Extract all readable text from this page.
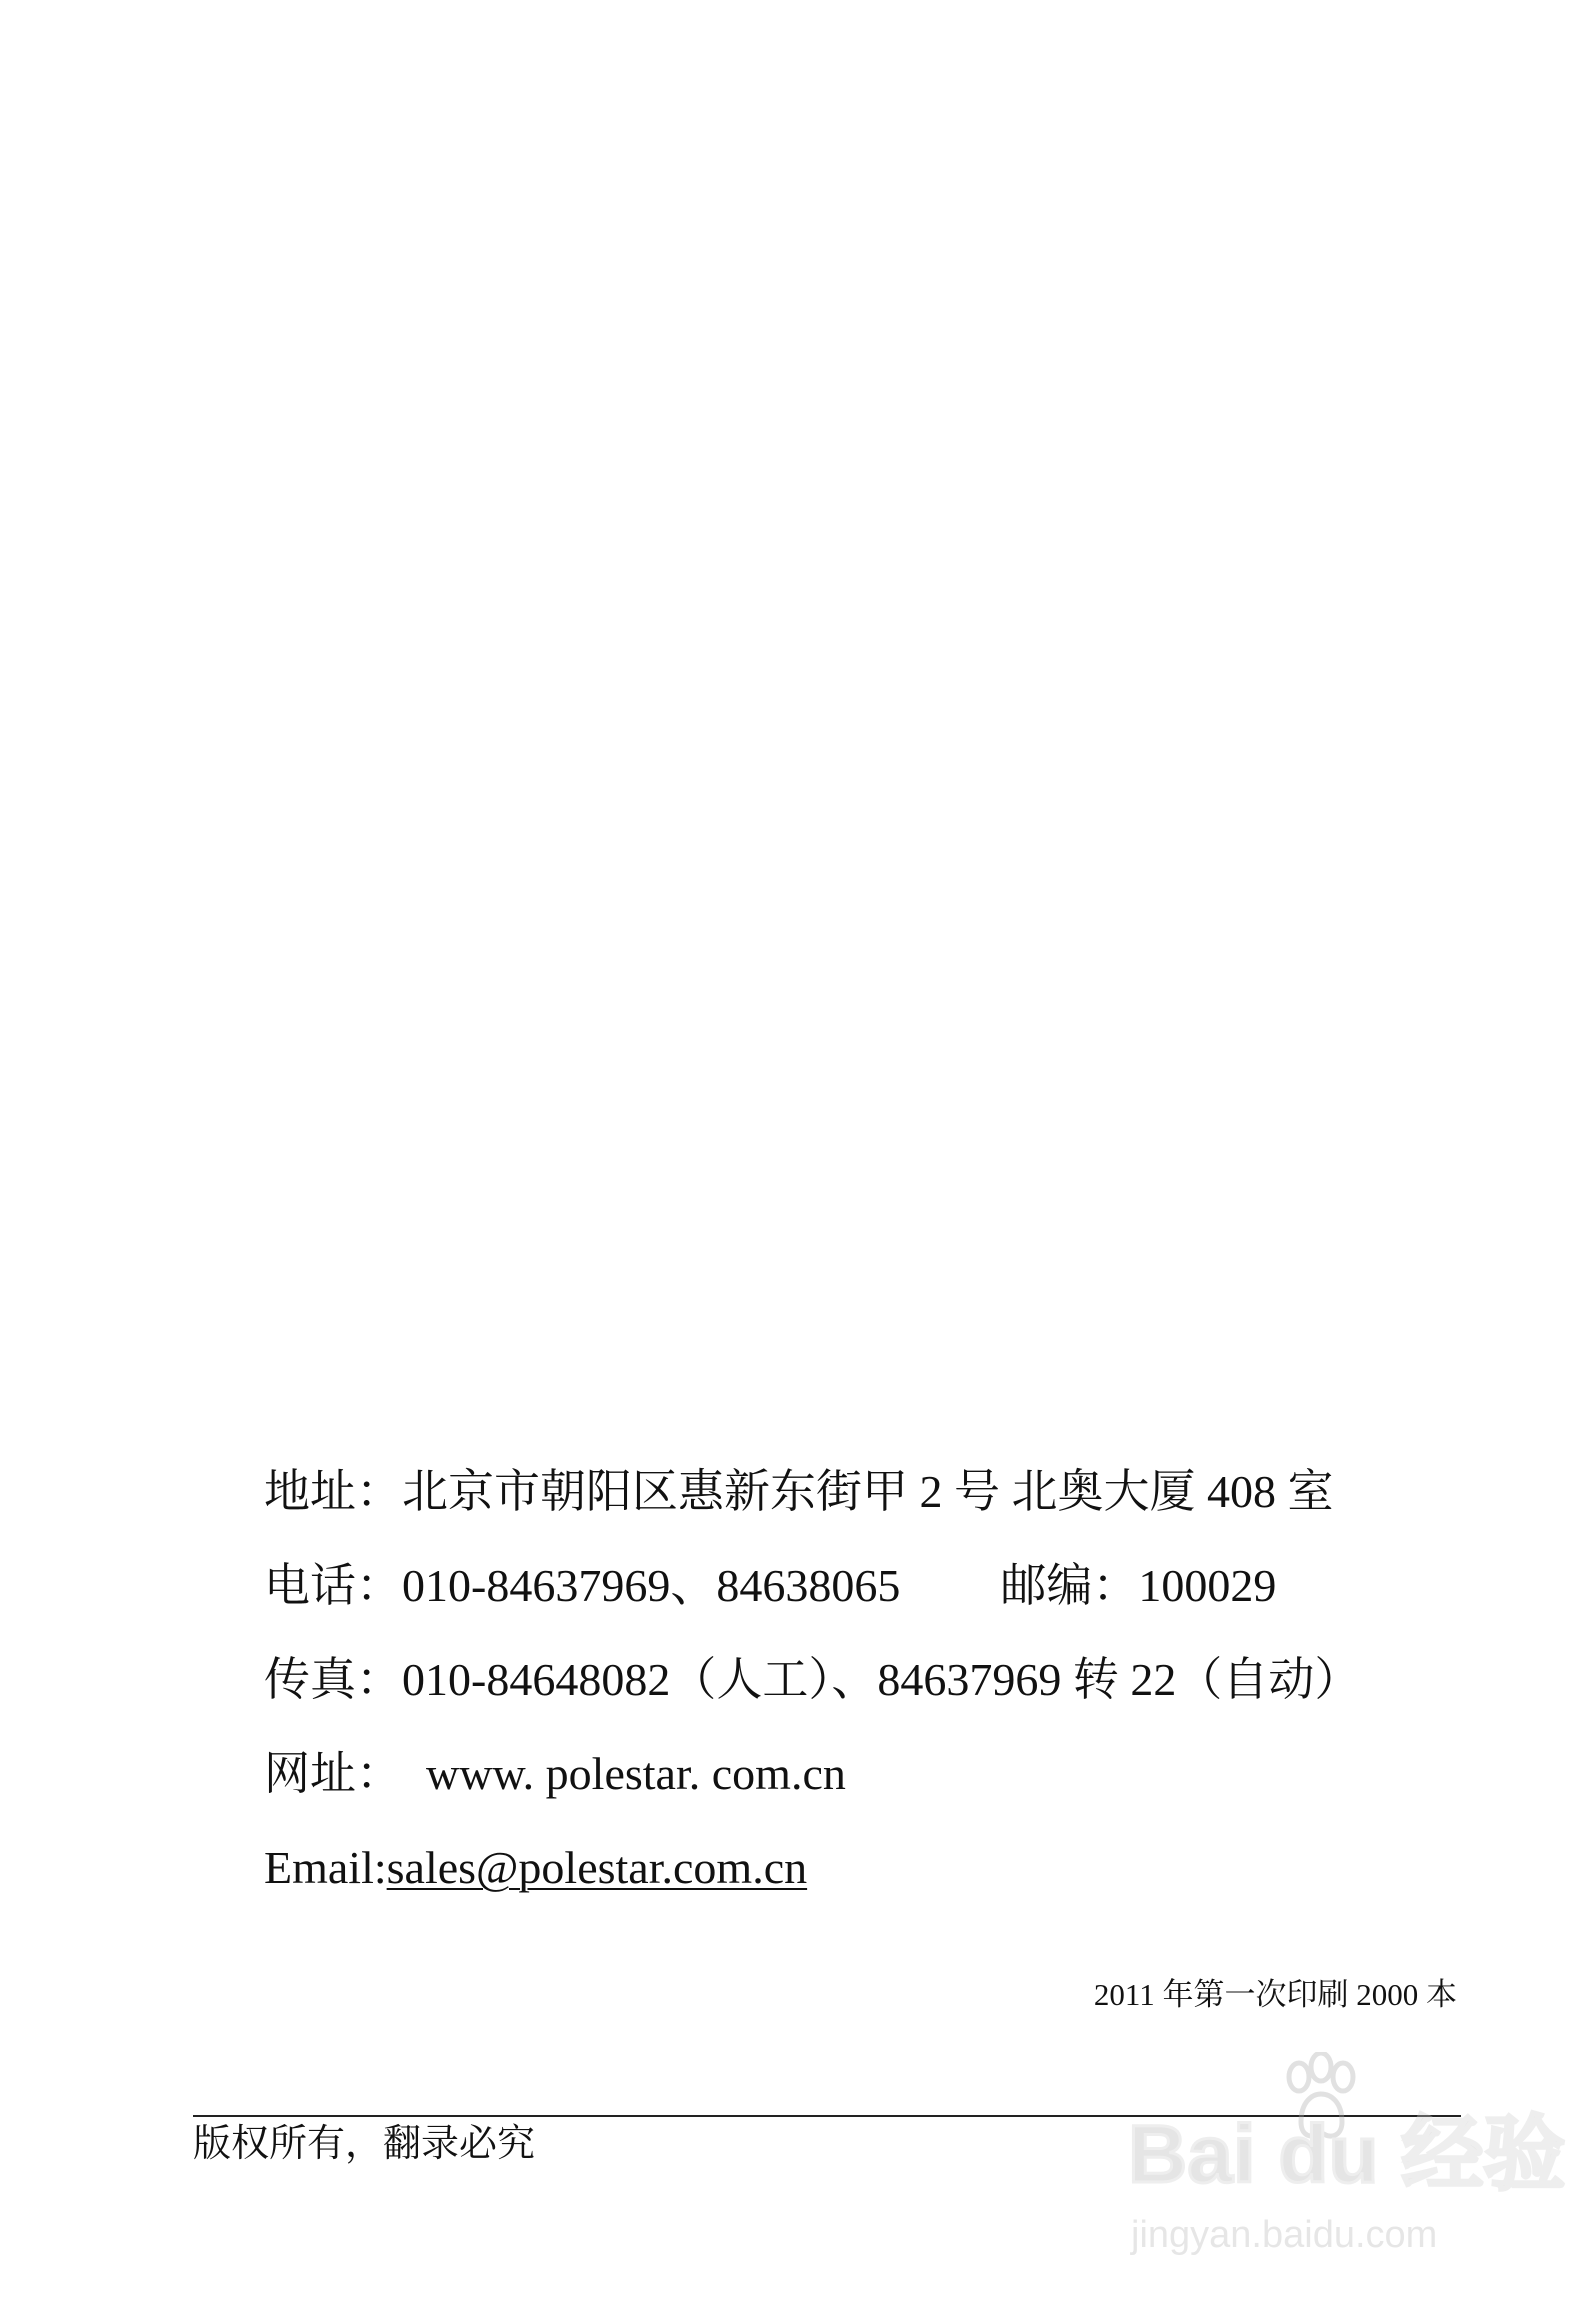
地址：北京市朝阳区惠新东街甲 2 号 北奥大厦 408 室
电话：010-84637969、84638065 邮编：100029
传真：010-84648082（人工）、84637969 转 22（自动）
网址： www. polestar. com.cn
Email:sales@polestar.com.cn
2011 年第一次印刷 2000 本
版权所有，翻录必究	Bai du 经验
jingyan.baidu.com
